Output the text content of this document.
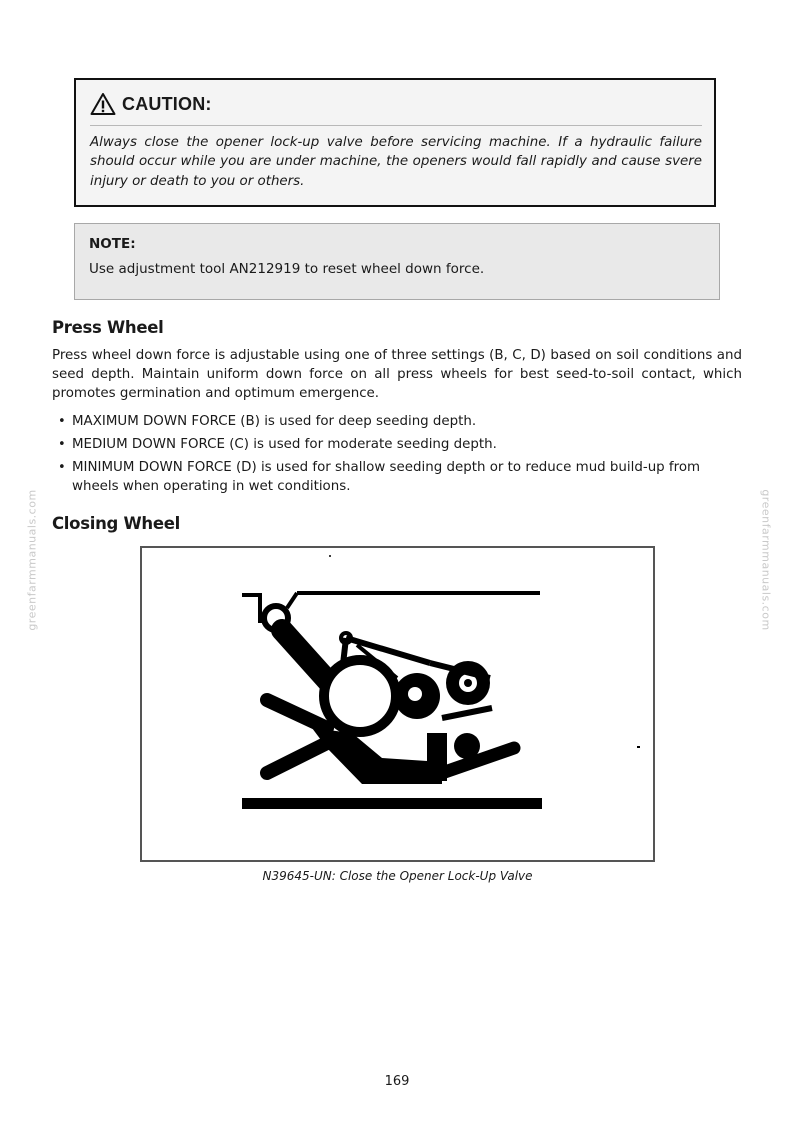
greenfarmmanuals.com	greenfarmmanuals.com
CAUTION:
Always close the opener lock-up valve before servicing machine. If a hydraulic failure should occur while you are under machine, the openers would fall rapidly and cause svere injury or death to you or others.
NOTE:
Use adjustment tool AN212919 to reset wheel down force.
Press Wheel
Press wheel down force is adjustable using one of three settings (B, C, D) based on soil conditions and seed depth. Maintain uniform down force on all press wheels for best seed-to-soil contact, which promotes germination and optimum emergence.
• MAXIMUM DOWN FORCE (B) is used for deep seeding depth.
• MEDIUM DOWN FORCE (C) is used for moderate seeding depth.
• MINIMUM DOWN FORCE (D) is used for shallow seeding depth or to reduce mud build-up from wheels when operating in wet conditions.
Closing Wheel
N39645-UN: Close the Opener Lock-Up Valve
169
